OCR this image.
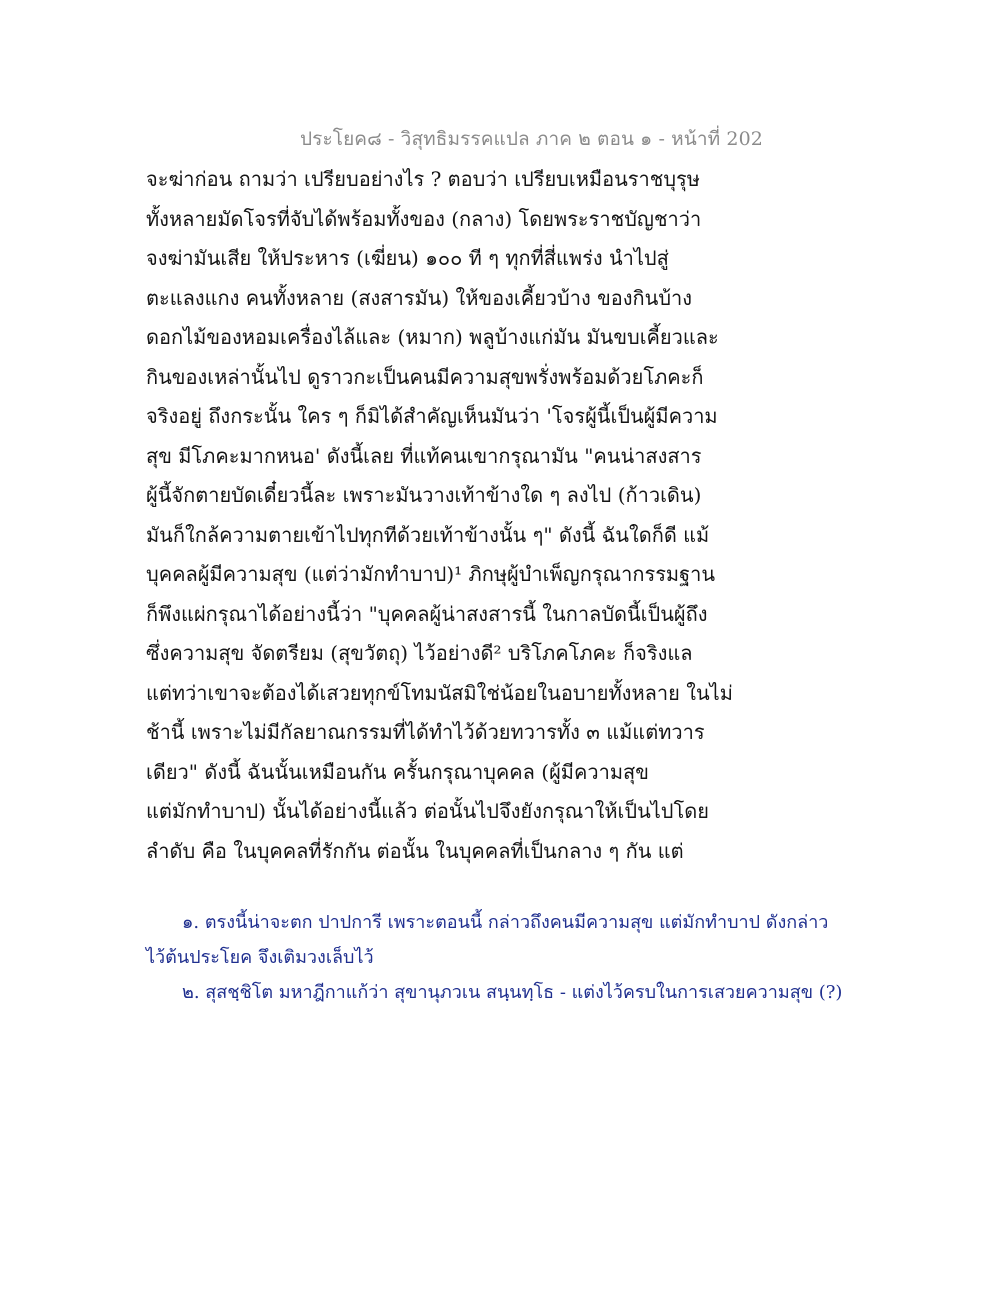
ประโยค๘ - วิสุทธิมรรคแปล ภาค ๒ ตอน ๑ - หน้าที่ 202
จะฆ่าก่อน ถามว่า เปรียบอย่างไร ? ตอบว่า เปรียบเหมือนราชบุรุษ
ทั้งหลายมัดโจรที่จับได้พร้อมทั้งของ (กลาง) โดยพระราชบัญชาว่า
จงฆ่ามันเสีย ให้ประหาร (เฆี่ยน) ๑๐๐ ที ๆ ทุกที่สี่แพร่ง นำไปสู่
ตะแลงแกง คนทั้งหลาย (สงสารมัน) ให้ของเคี้ยวบ้าง ของกินบ้าง
ดอกไม้ของหอมเครื่องไล้และ (หมาก) พลูบ้างแก่มัน มันขบเคี้ยวและ
กินของเหล่านั้นไป ดูราวกะเป็นคนมีความสุขพรั่งพร้อมด้วยโภคะก็
จริงอยู่ ถึงกระนั้น ใคร ๆ ก็มิได้สำคัญเห็นมันว่า 'โจรผู้นี้เป็นผู้มีความ
สุข มีโภคะมากหนอ' ดังนี้เลย ที่แท้คนเขากรุณามัน "คนน่าสงสาร
ผู้นี้จักตายบัดเดี๋ยวนี้ละ เพราะมันวางเท้าข้างใด ๆ ลงไป (ก้าวเดิน)
มันก็ใกล้ความตายเข้าไปทุกทีด้วยเท้าข้างนั้น ๆ" ดังนี้ ฉันใดก็ดี แม้
บุคคลผู้มีความสุข (แต่ว่ามักทำบาป)¹ ภิกษุผู้บำเพ็ญกรุณากรรมฐาน
ก็พึงแผ่กรุณาได้อย่างนี้ว่า "บุคคลผู้น่าสงสารนี้ ในกาลบัดนี้เป็นผู้ถึง
ซึ่งความสุข จัดตรียม (สุขวัตถุ) ไว้อย่างดี² บริโภคโภคะ ก็จริงแล
แต่ทว่าเขาจะต้องได้เสวยทุกข์โทมนัสมิใช่น้อยในอบายทั้งหลาย ในไม่
ช้านี้ เพราะไม่มีกัลยาณกรรมที่ได้ทำไว้ด้วยทวารทั้ง ๓ แม้แต่ทวาร
เดียว" ดังนี้ ฉันนั้นเหมือนกัน ครั้นกรุณาบุคคล (ผู้มีความสุข
แต่มักทำบาป) นั้นได้อย่างนี้แล้ว ต่อนั้นไปจึงยังกรุณาให้เป็นไปโดย
ลำดับ คือ ในบุคคลที่รักกัน ต่อนั้น ในบุคคลที่เป็นกลาง ๆ กัน แต่
๑. ตรงนี้น่าจะตก ปาปการี เพราะตอนนี้ กล่าวถึงคนมีความสุข แต่มักทำบาป ดังกล่าว
ไว้ต้นประโยค จึงเติมวงเล็บไว้
๒. สุสชฺชิโต มหาฎีกาแก้ว่า สุขานุภวเน สนฺนทฺโธ - แต่งไว้ครบในการเสวยความสุข (?)
